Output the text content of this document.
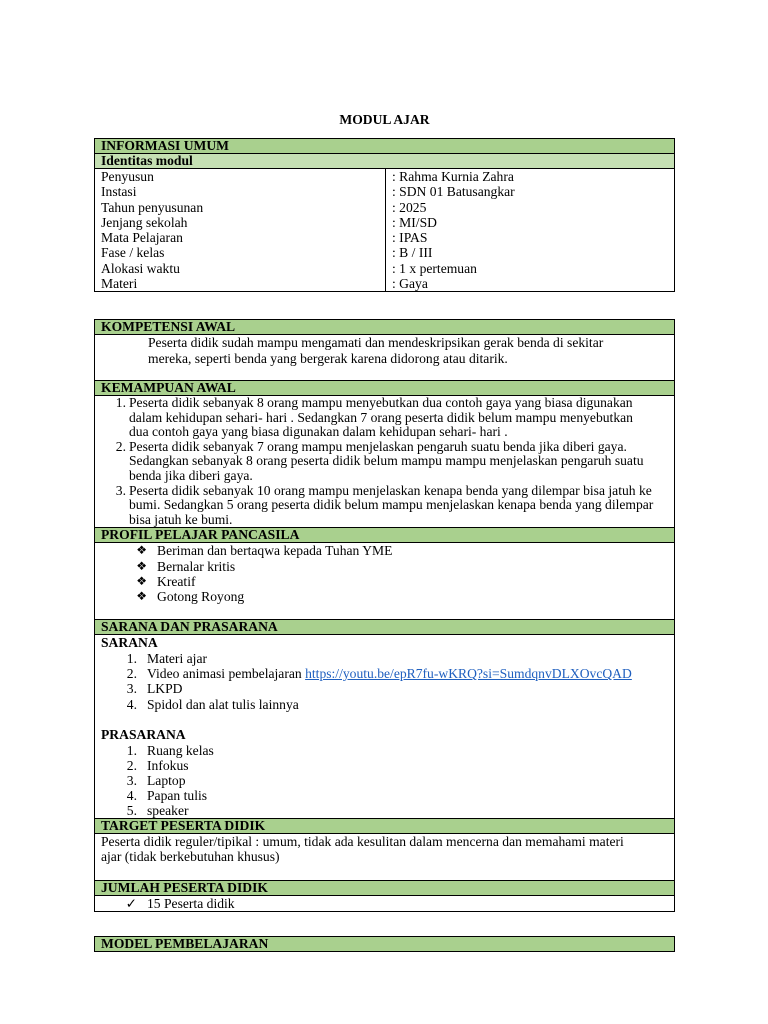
MODUL AJAR
INFORMASI UMUM
Identitas modul
Penyusun
Instasi
Tahun penyusunan
Jenjang sekolah
Mata Pelajaran
Fase / kelas
Alokasi waktu
Materi
: Rahma Kurnia Zahra
: SDN 01 Batusangkar
: 2025
: MI/SD
: IPAS
: B / III
: 1 x pertemuan
: Gaya
KOMPETENSI AWAL
Peserta didik sudah mampu mengamati dan mendeskripsikan gerak benda di sekitar
mereka, seperti benda yang bergerak karena didorong atau ditarik.
KEMAMPUAN AWAL
1. Peserta didik sebanyak 8 orang mampu menyebutkan dua contoh gaya yang biasa digunakan
dalam kehidupan sehari- hari . Sedangkan 7 orang peserta didik belum mampu menyebutkan
dua contoh gaya yang biasa digunakan dalam kehidupan sehari- hari .
2. Peserta didik sebanyak 7 orang mampu menjelaskan pengaruh suatu benda jika diberi gaya.
Sedangkan sebanyak 8 orang peserta didik belum mampu mampu menjelaskan pengaruh suatu
benda jika diberi gaya.
3. Peserta didik sebanyak 10 orang mampu menjelaskan kenapa benda yang dilempar bisa jatuh ke
bumi. Sedangkan 5 orang peserta didik belum mampu menjelaskan kenapa benda yang dilempar
bisa jatuh ke bumi.
PROFIL PELAJAR PANCASILA
❖ Beriman dan bertaqwa kepada Tuhan YME
❖ Bernalar kritis
❖ Kreatif
❖ Gotong Royong
SARANA DAN PRASARANA
SARANA
1. Materi ajar
2. Video animasi pembelajaran https://youtu.be/epR7fu-wKRQ?si=SumdqnvDLXOvcQAD
3. LKPD
4. Spidol dan alat tulis lainnya
PRASARANA
1. Ruang kelas
2. Infokus
3. Laptop
4. Papan tulis
5. speaker
TARGET PESERTA DIDIK
Peserta didik reguler/tipikal : umum, tidak ada kesulitan dalam mencerna dan memahami materi
ajar (tidak berkebutuhan khusus)
JUMLAH PESERTA DIDIK
✓ 15 Peserta didik
MODEL PEMBELAJARAN
